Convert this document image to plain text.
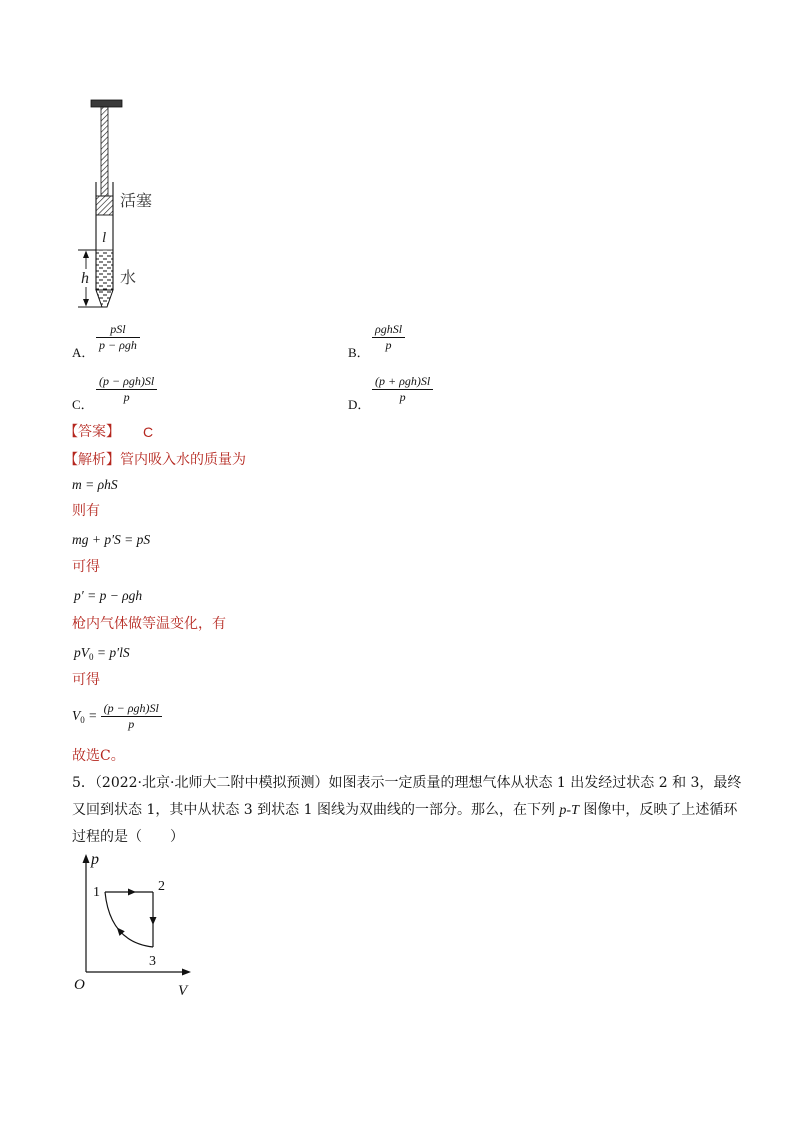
h
l
活塞
水
A．
pSl
p − ρgh	B．
ρghSl
p
C．
(p − ρgh)Sl
p	D．
(p + ρgh)Sl
p
【答案】 C
【解析】管内吸入水的质量为
m = ρhS
则有
mg + p′S = pS
可得
p′ = p − ρgh
枪内气体做等温变化，有
$pV_0 = p'lS$
可得
$V_0 = \frac{\text{(p − ρgh)Sl}}{p}$
故选C。
5．（2022·北京·北师大二附中模拟预测）如图表示一定质量的理想气体从状态 1 出发经过状态 2 和 3，最终
又回到状态 1，其中从状态 3 到状态 1 图线为双曲线的一部分。那么，在下列 p-T 图像中，反映了上述循环
过程的是（　　）
p
O	V
1	2
3
